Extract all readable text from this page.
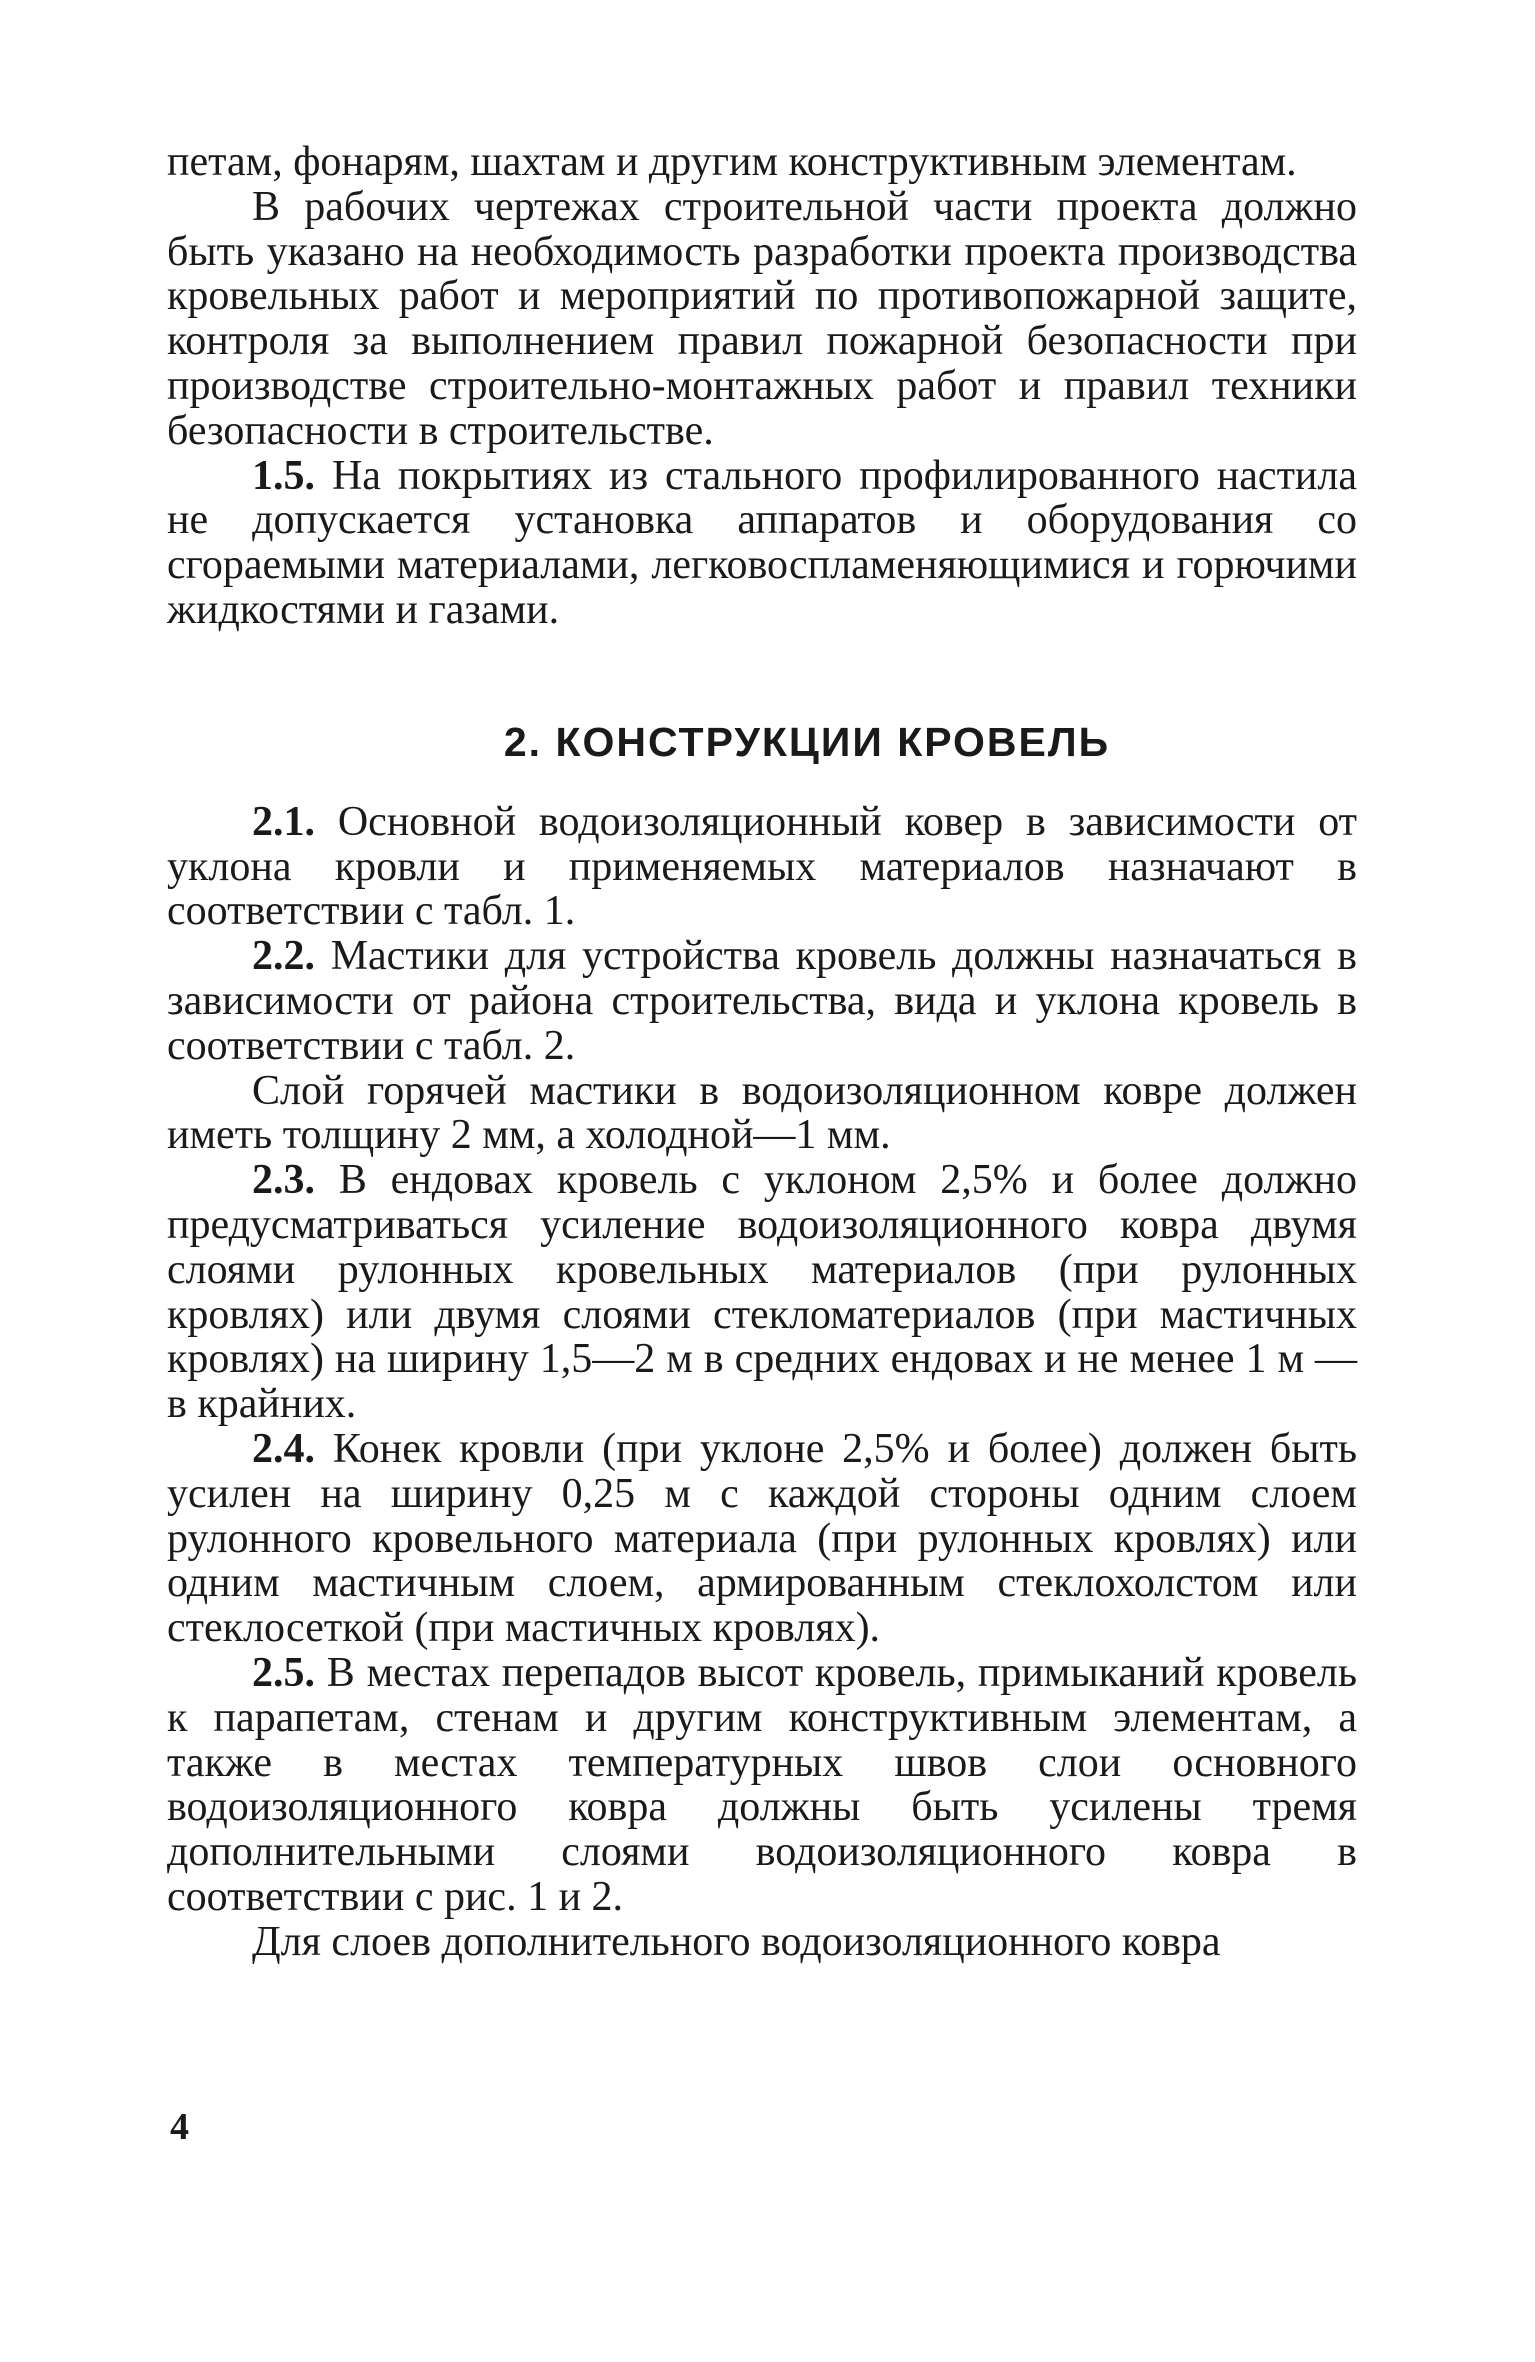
петам, фонарям, шахтам и другим конструктивным элементам.

В рабочих чертежах строительной части проекта должно быть указано на необходимость разработки проекта производства кровельных работ и мероприятий по противопожарной защите, контроля за выполнением правил пожарной безопасности при производстве строительно-монтажных работ и правил техники безопасности в строительстве.

1.5. На покрытиях из стального профилированного настила не допускается установка аппаратов и оборудования со сгораемыми материалами, легковоспламеняющимися и горючими жидкостями и газами.

2. КОНСТРУКЦИИ КРОВЕЛЬ

2.1. Основной водоизоляционный ковер в зависимости от уклона кровли и применяемых материалов назначают в соответствии с табл. 1.

2.2. Мастики для устройства кровель должны назначаться в зависимости от района строительства, вида и уклона кровель в соответствии с табл. 2.

Слой горячей мастики в водоизоляционном ковре должен иметь толщину 2 мм, а холодной—1 мм.

2.3. В ендовах кровель с уклоном 2,5% и более должно предусматриваться усиление водоизоляционного ковра двумя слоями рулонных кровельных материалов (при рулонных кровлях) или двумя слоями стекломатериалов (при мастичных кровлях) на ширину 1,5—2 м в средних ендовах и не менее 1 м — в крайних.

2.4. Конек кровли (при уклоне 2,5% и более) должен быть усилен на ширину 0,25 м с каждой стороны одним слоем рулонного кровельного материала (при рулонных кровлях) или одним мастичным слоем, армированным стеклохолстом или стеклосеткой (при мастичных кровлях).

2.5. В местах перепадов высот кровель, примыканий кровель к парапетам, стенам и другим конструктивным элементам, а также в местах температурных швов слои основного водоизоляционного ковра должны быть усилены тремя дополнительными слоями водоизоляционного ковра в соответствии с рис. 1 и 2.

Для слоев дополнительного водоизоляционного ковра

4
